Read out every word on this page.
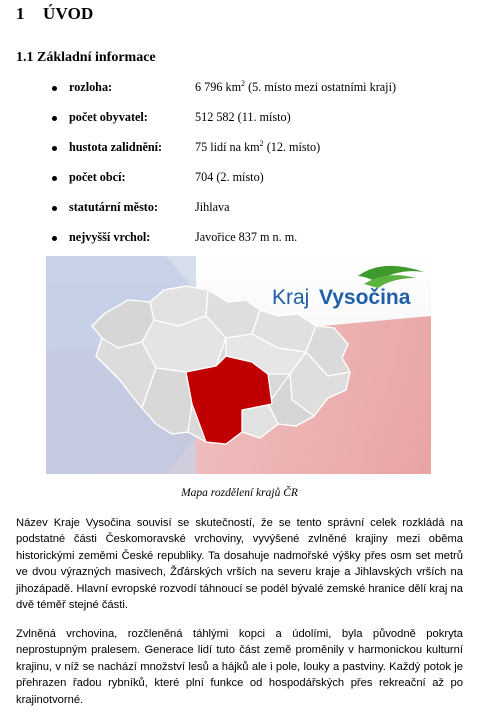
1 ÚVOD
1.1 Základní informace
rozloha:	6 796 $km^2$ (5. místo mezi ostatními kraji)
počet obyvatel:	512 582 (11. místo)
hustota zalidnění:	75 lidí na $km^2$ (12. místo)
počet obcí:	704 (2. místo)
statutární město:	Jihlava
nejvyšší vrchol:	Javořice 837 m n. m.
Kraj Vysočina
Mapa rozdělení krajů ČR
Název Kraje Vysočina souvisí se skutečností, že se tento správní celek rozkládá na podstatné části Českomoravské vrchoviny, vyvýšené zvlněné krajiny mezi oběma historickými zeměmi České republiky. Ta dosahuje nadmořské výšky přes osm set metrů ve dvou výrazných masivech, Žďárských vrších na severu kraje a Jihlavských vrších na jihozápadě. Hlavní evropské rozvodí táhnoucí se podél bývalé zemské hranice dělí kraj na dvě téměř stejné části.
Zvlněná vrchovina, rozčleněná táhlými kopci a údolími, byla původně pokryta neprostupným pralesem. Generace lidí tuto část země proměnily v harmonickou kulturní krajinu, v níž se nachází množství lesů a hájků ale i pole, louky a pastviny. Každý potok je přehrazen řadou rybníků, které plní funkce od hospodářských přes rekreační až po krajinotvorné.
